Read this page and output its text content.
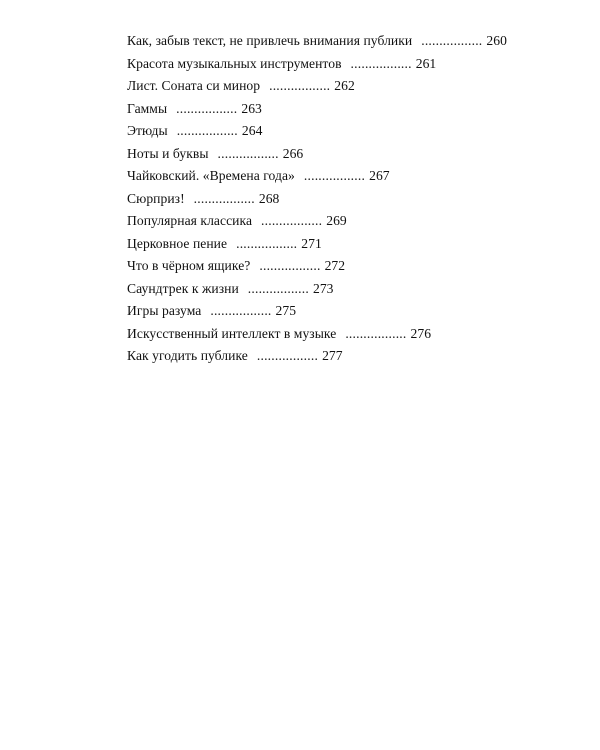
Как, забыв текст, не привлечь внимания публики ................. 260
Красота музыкальных инструментов ................. 261
Лист. Соната си минор ................. 262
Гаммы ................. 263
Этюды ................. 264
Ноты и буквы ................. 266
Чайковский. «Времена года» ................. 267
Сюрприз! ................. 268
Популярная классика ................. 269
Церковное пение ................. 271
Что в чёрном ящике? ................. 272
Саундтрек к жизни ................. 273
Игры разума ................. 275
Искусственный интеллект в музыке ................. 276
Как угодить публике ................. 277
